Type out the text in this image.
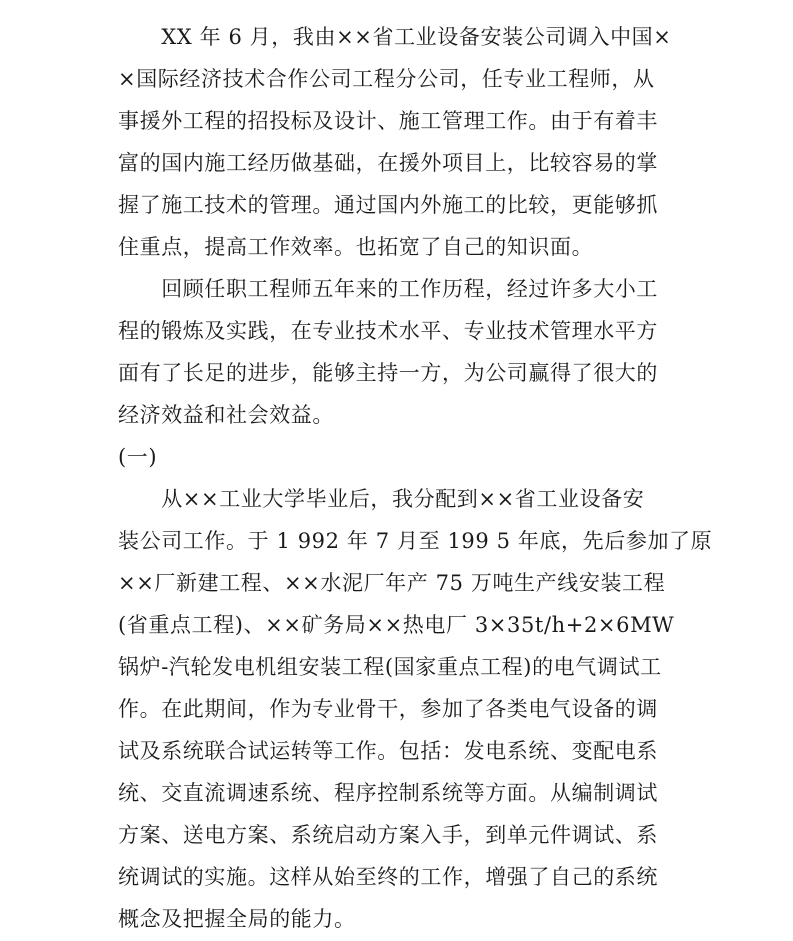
　　XX 年 6 月，我由××省工业设备安装公司调入中国×
×国际经济技术合作公司工程分公司，任专业工程师，从
事援外工程的招投标及设计、施工管理工作。由于有着丰
富的国内施工经历做基础，在援外项目上，比较容易的掌
握了施工技术的管理。通过国内外施工的比较，更能够抓
住重点，提高工作效率。也拓宽了自己的知识面。
　　回顾任职工程师五年来的工作历程，经过许多大小工
程的锻炼及实践，在专业技术水平、专业技术管理水平方
面有了长足的进步，能够主持一方，为公司赢得了很大的
经济效益和社会效益。
(一)
　　从××工业大学毕业后，我分配到××省工业设备安
装公司工作。于 1 992 年 7 月至 199 5 年底，先后参加了原
××厂新建工程、××水泥厂年产 75 万吨生产线安装工程
(省重点工程)、××矿务局××热电厂 3×35t/h+2×6MW
锅炉-汽轮发电机组安装工程(国家重点工程)的电气调试工
作。在此期间，作为专业骨干，参加了各类电气设备的调
试及系统联合试运转等工作。包括：发电系统、变配电系
统、交直流调速系统、程序控制系统等方面。从编制调试
方案、送电方案、系统启动方案入手，到单元件调试、系
统调试的实施。这样从始至终的工作，增强了自己的系统
概念及把握全局的能力。
